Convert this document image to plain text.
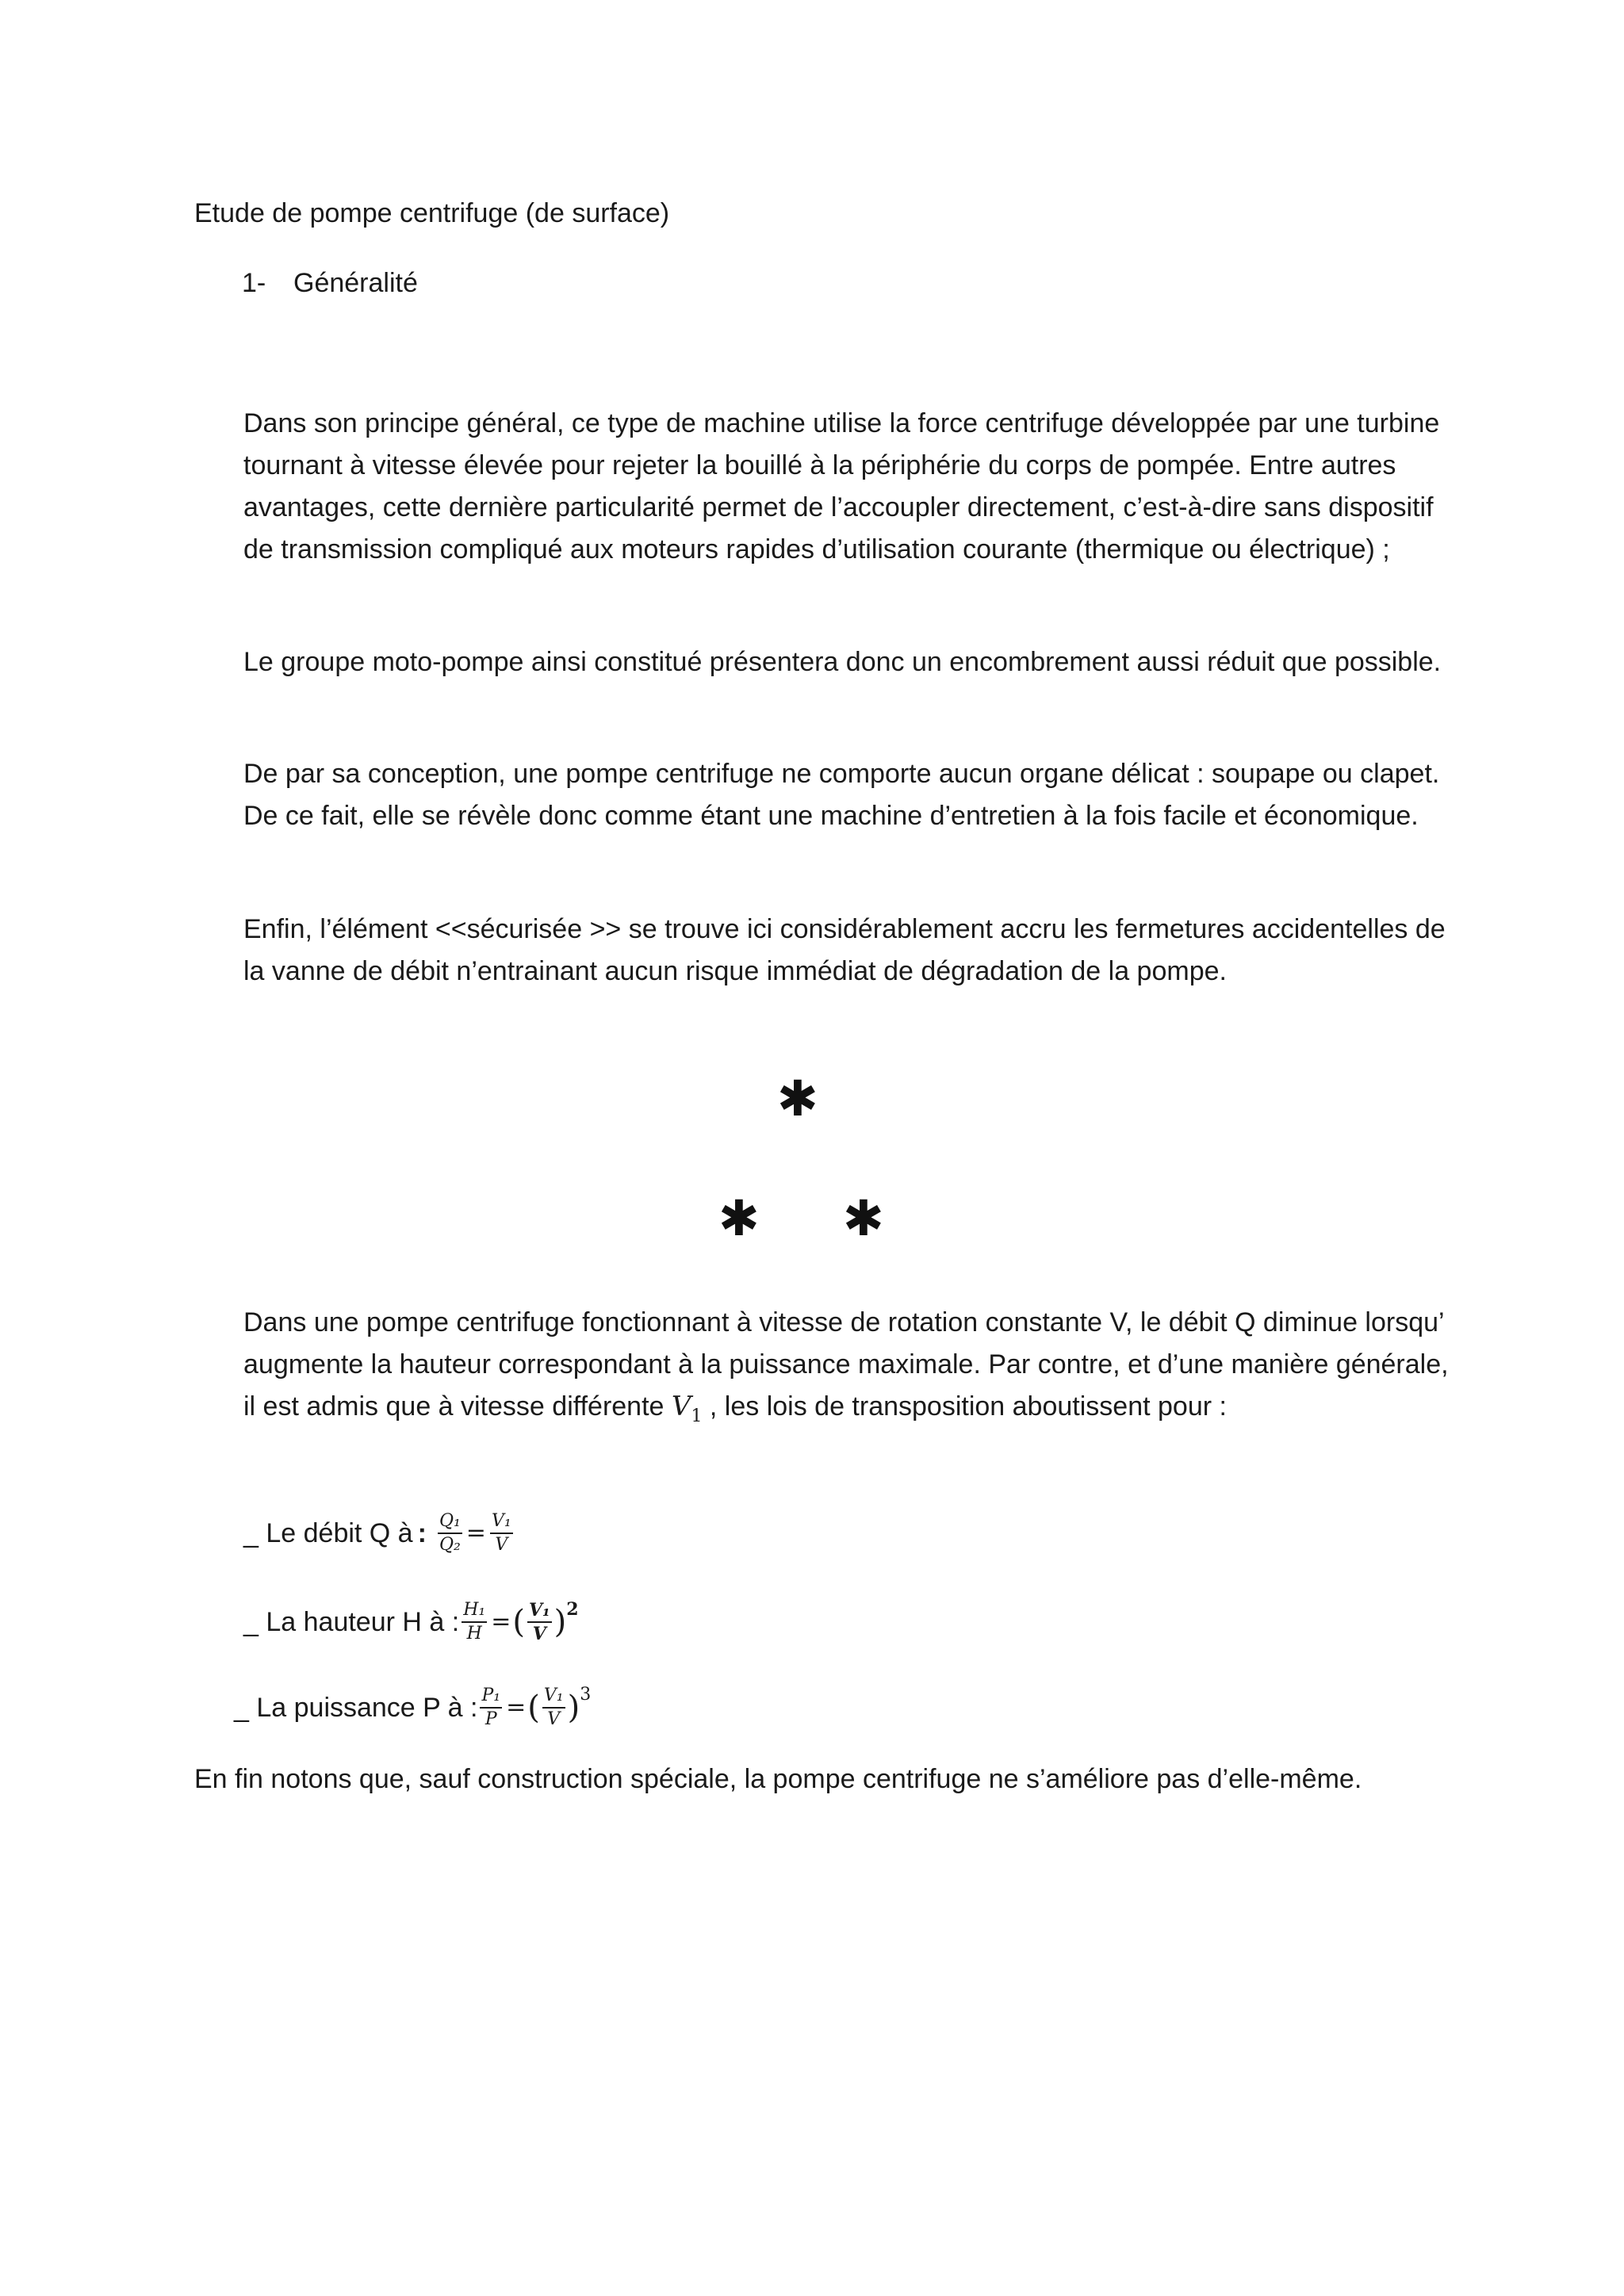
Etude de pompe centrifuge (de surface)
1- Généralité

Dans son principe général, ce type de machine utilise la force centrifuge développée par une turbine tournant à vitesse élevée pour rejeter la bouillé à la périphérie du corps de pompée. Entre autres avantages, cette dernière particularité permet de l’accoupler directement, c’est-à-dire sans dispositif de transmission compliqué aux moteurs rapides d’utilisation courante (thermique ou électrique) ;

Le groupe moto-pompe ainsi constitué présentera donc un encombrement aussi réduit que possible.

De par sa conception, une pompe centrifuge ne comporte aucun organe délicat : soupape ou clapet. De ce fait, elle se révèle donc comme étant une machine d’entretien à la fois facile et économique.

Enfin, l’élément <<sécurisée >> se trouve ici considérablement accru les fermetures accidentelles de la vanne de débit n’entrainant aucun risque immédiat de dégradation de la pompe.

✱
✱ ✱

Dans une pompe centrifuge fonctionnant à vitesse de rotation constante V, le débit Q diminue lorsqu’ augmente la hauteur correspondant à la puissance maximale. Par contre, et d’une manière générale, il est admis que à vitesse différente $V_1$ , les lois de transposition aboutissent pour :

_ Le débit Q à : $\frac{\text{Q₁}}{\text{Q₂}} = \frac{\text{V₁}}{V}$
_ La hauteur H à : $\frac{\text{H₁}}{H}$ = ( $\frac{\text{V₁}}{V}$ ) 2
_ La puissance P à : $\frac{\text{P₁}}{P}$ = ( $\frac{\text{V₁}}{V}$ ) 3
En fin notons que, sauf construction spéciale, la pompe centrifuge ne s’améliore pas d’elle-même.
